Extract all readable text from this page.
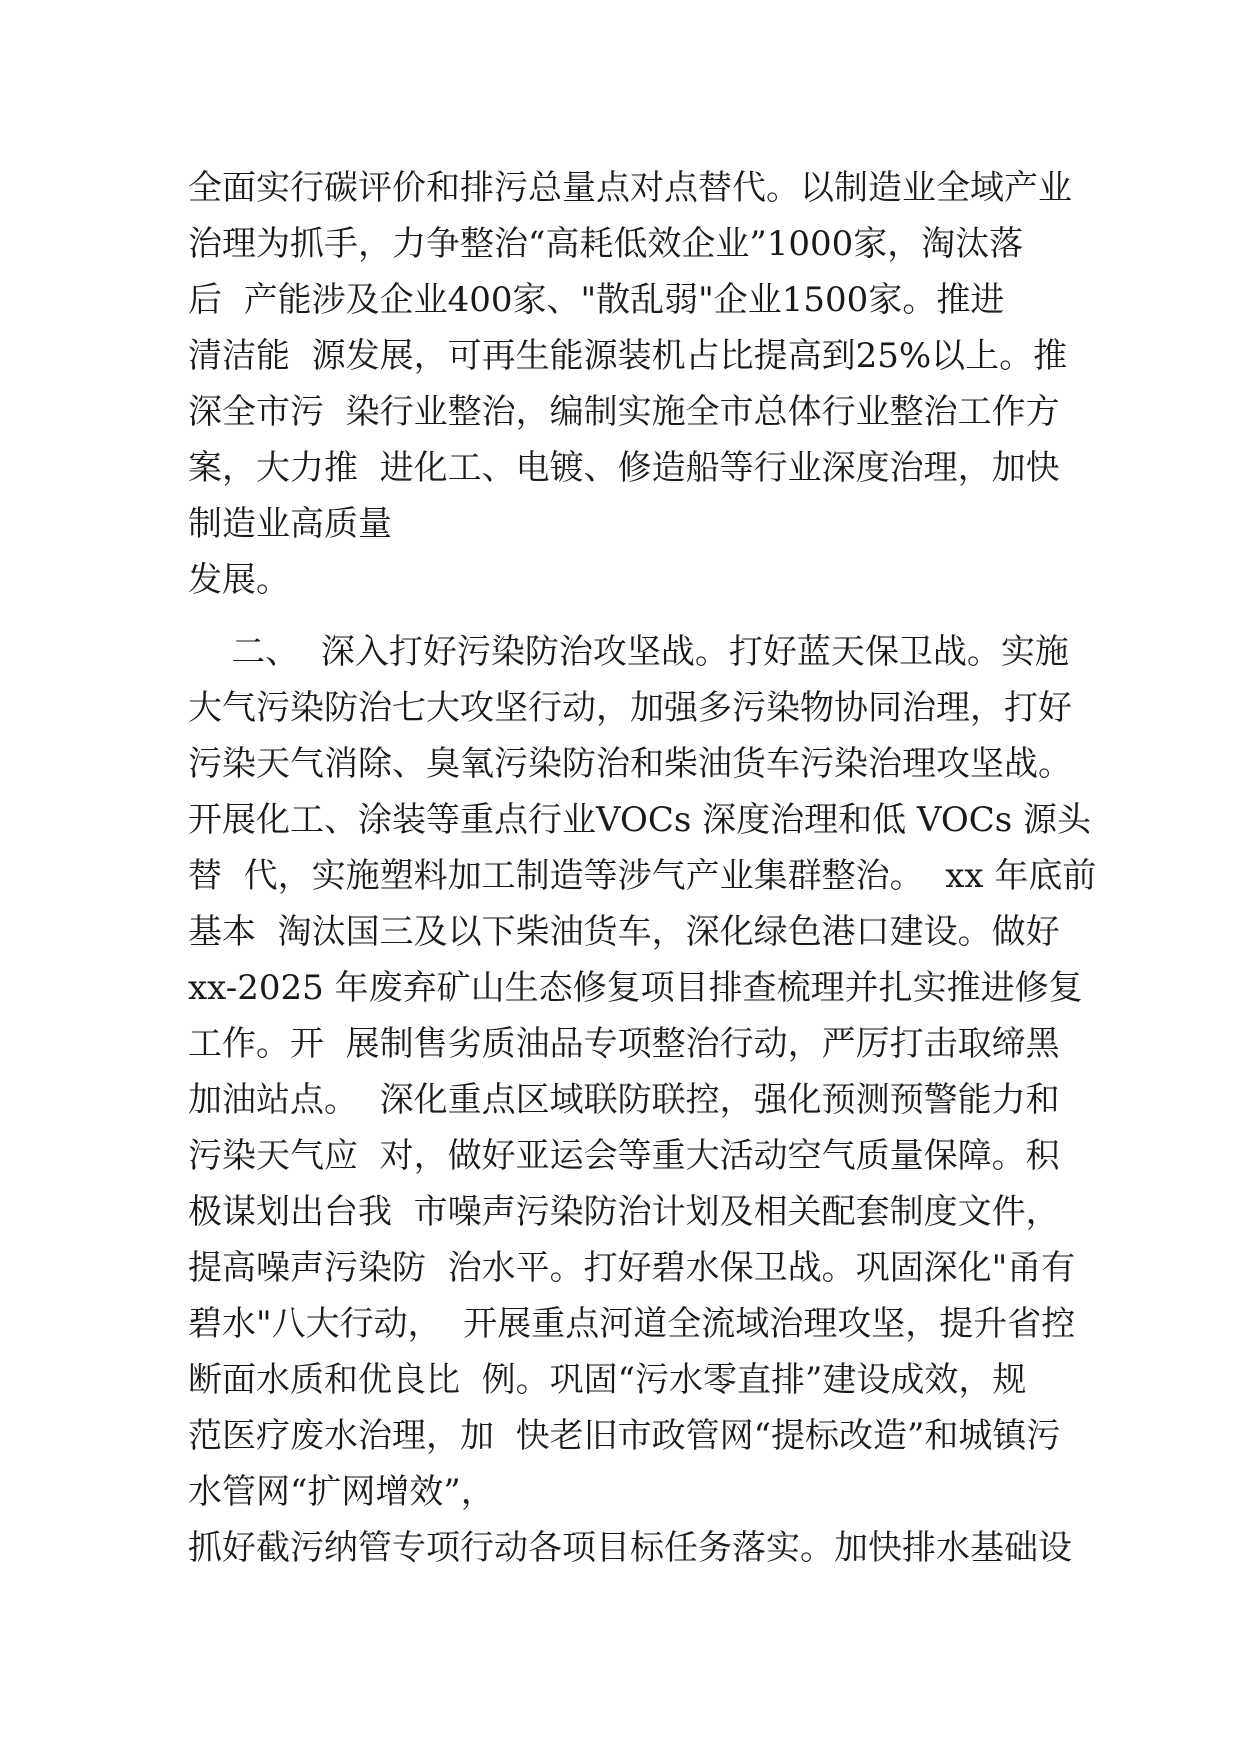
全面实行碳评价和排污总量点对点替代。以制造业全域产业
治理为抓手，力争整治“高耗低效企业”1000家，淘汰落
后  产能涉及企业400家、"散乱弱"企业1500家。推进
清洁能  源发展，可再生能源装机占比提高到25%以上。推
深全市污  染行业整治，编制实施全市总体行业整治工作方
案，大力推  进化工、电镀、修造船等行业深度治理，加快
制造业高质量
发展。
二、  深入打好污染防治攻坚战。打好蓝天保卫战。实施
大气污染防治七大攻坚行动，加强多污染物协同治理，打好
污染天气消除、臭氧污染防治和柴油货车污染治理攻坚战。
开展化工、涂装等重点行业VOCs 深度治理和低 VOCs 源头
替  代，实施塑料加工制造等涉气产业集群整治。  xx 年底前
基本  淘汰国三及以下柴油货车，深化绿色港口建设。做好
xx-2025 年废弃矿山生态修复项目排查梳理并扎实推进修复
工作。开  展制售劣质油品专项整治行动，严厉打击取缔黑
加油站点。  深化重点区域联防联控，强化预测预警能力和
污染天气应  对，做好亚运会等重大活动空气质量保障。积
极谋划出台我  市噪声污染防治计划及相关配套制度文件，
提高噪声污染防  治水平。打好碧水保卫战。巩固深化"甬有
碧水"八大行动，  开展重点河道全流域治理攻坚，提升省控
断面水质和优良比  例。巩固“污水零直排”建设成效，规
范医疗废水治理，加  快老旧市政管网“提标改造”和城镇污
水管网“扩网增效”，
抓好截污纳管专项行动各项目标任务落实。加快排水基础设
